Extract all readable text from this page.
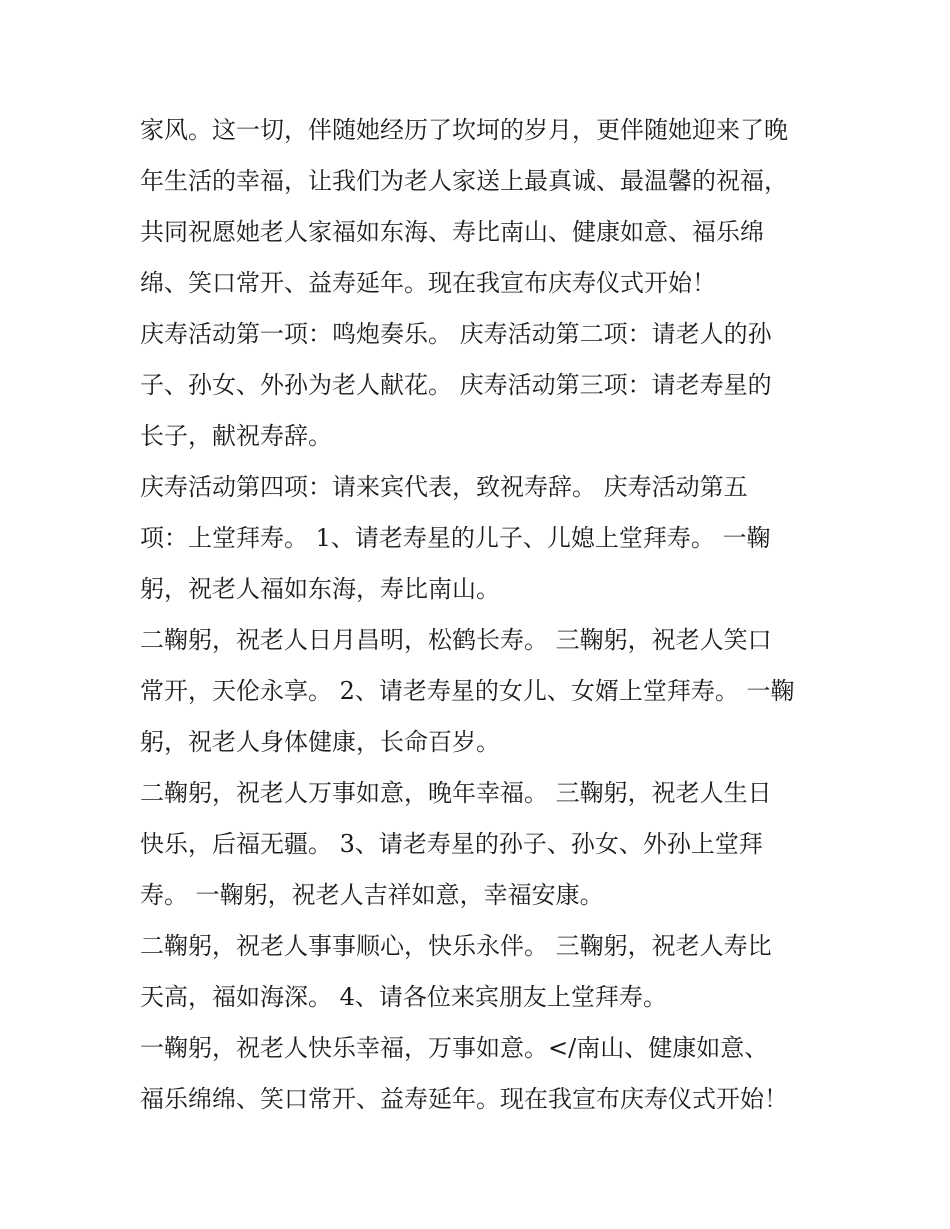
家风。这一切，伴随她经历了坎坷的岁月，更伴随她迎来了晚
年生活的幸福，让我们为老人家送上最真诚、最温馨的祝福，
共同祝愿她老人家福如东海、寿比南山、健康如意、福乐绵
绵、笑口常开、益寿延年。现在我宣布庆寿仪式开始！
庆寿活动第一项：鸣炮奏乐。 庆寿活动第二项：请老人的孙
子、孙女、外孙为老人献花。 庆寿活动第三项：请老寿星的
长子，献祝寿辞。
庆寿活动第四项：请来宾代表，致祝寿辞。 庆寿活动第五
项：上堂拜寿。 1、请老寿星的儿子、儿媳上堂拜寿。 一鞠
躬，祝老人福如东海，寿比南山。
二鞠躬，祝老人日月昌明，松鹤长寿。 三鞠躬，祝老人笑口
常开，天伦永享。 2、请老寿星的女儿、女婿上堂拜寿。 一鞠
躬，祝老人身体健康，长命百岁。
二鞠躬，祝老人万事如意，晚年幸福。 三鞠躬，祝老人生日
快乐，后福无疆。 3、请老寿星的孙子、孙女、外孙上堂拜
寿。 一鞠躬，祝老人吉祥如意，幸福安康。
二鞠躬，祝老人事事顺心，快乐永伴。 三鞠躬，祝老人寿比
天高，福如海深。 4、请各位来宾朋友上堂拜寿。
一鞠躬，祝老人快乐幸福，万事如意。</南山、健康如意、
福乐绵绵、笑口常开、益寿延年。现在我宣布庆寿仪式开始！
